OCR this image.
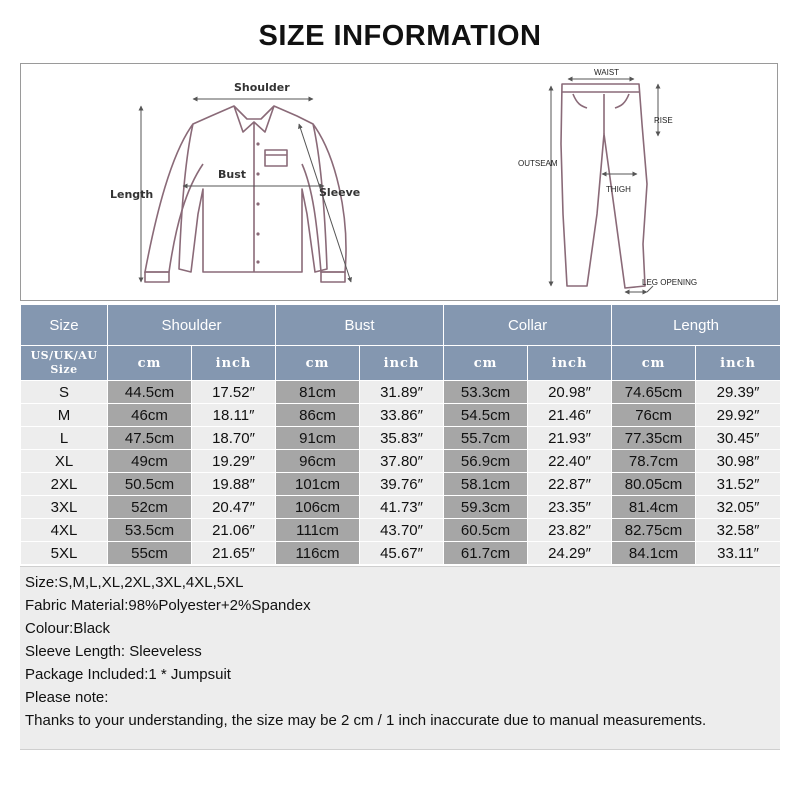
SIZE INFORMATION
Shoulder
Bust
Length	Sleeve
WAIST
RISE
OUTSEAM
THIGH
LEG OPENING
Size	Shoulder		Bust		Collar		Length	
US/UK/AU
Size	cm	inch	cm	inch	cm	inch	cm	inch
S	44.5cm	17.52″	81cm	31.89″	53.3cm	20.98″	74.65cm	29.39″
M	46cm	18.11″	86cm	33.86″	54.5cm	21.46″	76cm	29.92″
L	47.5cm	18.70″	91cm	35.83″	55.7cm	21.93″	77.35cm	30.45″
XL	49cm	19.29″	96cm	37.80″	56.9cm	22.40″	78.7cm	30.98″
2XL	50.5cm	19.88″	101cm	39.76″	58.1cm	22.87″	80.05cm	31.52″
3XL	52cm	20.47″	106cm	41.73″	59.3cm	23.35″	81.4cm	32.05″
4XL	53.5cm	21.06″	111cm	43.70″	60.5cm	23.82″	82.75cm	32.58″
5XL	55cm	21.65″	116cm	45.67″	61.7cm	24.29″	84.1cm	33.11″
Size:S,M,L,XL,2XL,3XL,4XL,5XL
Fabric Material:98%Polyester+2%Spandex
Colour:Black
Sleeve Length: Sleeveless
Package Included:1 * Jumpsuit
Please note:
Thanks to your understanding, the size may be 2 cm / 1 inch inaccurate due to manual measurements.
